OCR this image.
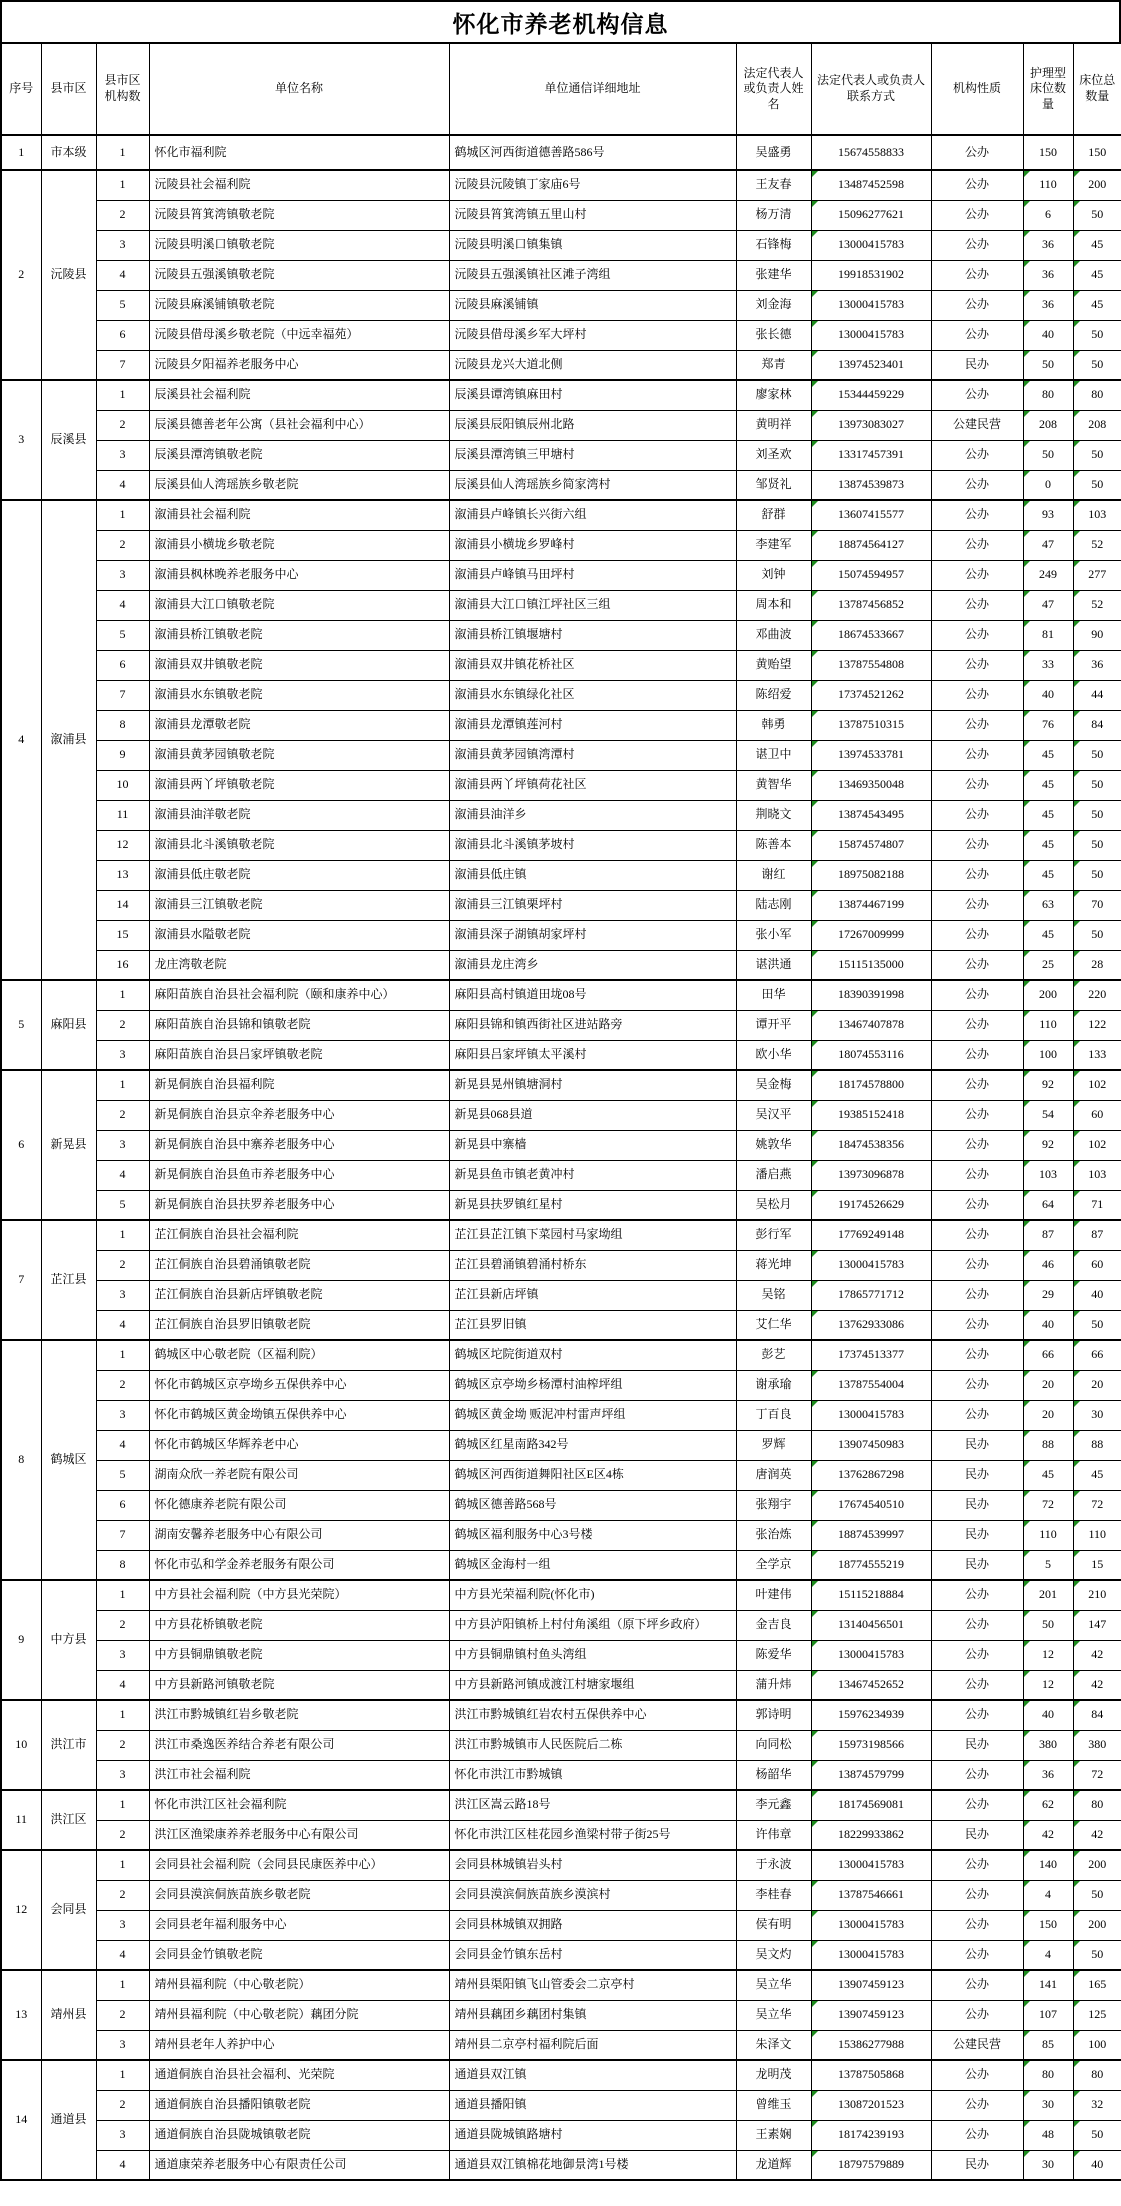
怀化市养老机构信息
序号	县市区	县市区机构数	单位名称	单位通信详细地址	法定代表人或负责人姓名	法定代表人或负责人联系方式	机构性质	护理型床位数量	床位总数量
1	市本级	1	怀化市福利院	鹤城区河西街道德善路586号	吴盛勇	15674558833	公办	150	150
2	沅陵县	1	沅陵县社会福利院	沅陵县沅陵镇丁家庙6号	王友春	13487452598	公办	110	200
		2	沅陵县筲箕湾镇敬老院	沅陵县筲箕湾镇五里山村	杨万清	15096277621	公办	6	50
		3	沅陵县明溪口镇敬老院	沅陵县明溪口镇集镇	石锋梅	13000415783	公办	36	45
		4	沅陵县五强溪镇敬老院	沅陵县五强溪镇社区滩子湾组	张建华	19918531902	公办	36	45
		5	沅陵县麻溪铺镇敬老院	沅陵县麻溪铺镇	刘金海	13000415783	公办	36	45
		6	沅陵县借母溪乡敬老院（中远幸福苑）	沅陵县借母溪乡军大坪村	张长德	13000415783	公办	40	50
		7	沅陵县夕阳福养老服务中心	沅陵县龙兴大道北侧	郑青	13974523401	民办	50	50
3	辰溪县	1	辰溪县社会福利院	辰溪县谭湾镇麻田村	廖家林	15344459229	公办	80	80
		2	辰溪县德善老年公寓（县社会福利中心）	辰溪县辰阳镇辰州北路	黄明祥	13973083027	公建民营	208	208
		3	辰溪县潭湾镇敬老院	辰溪县潭湾镇三甲塘村	刘圣欢	13317457391	公办	50	50
		4	辰溪县仙人湾瑶族乡敬老院	辰溪县仙人湾瑶族乡简家湾村	邹贤礼	13874539873	公办	0	50
4	溆浦县	1	溆浦县社会福利院	溆浦县卢峰镇长兴街六组	舒群	13607415577	公办	93	103
		2	溆浦县小横垅乡敬老院	溆浦县小横垅乡罗峰村	李建军	18874564127	公办	47	52
		3	溆浦县枫林晚养老服务中心	溆浦县卢峰镇马田坪村	刘钟	15074594957	公办	249	277
		4	溆浦县大江口镇敬老院	溆浦县大江口镇江坪社区三组	周本和	13787456852	公办	47	52
		5	溆浦县桥江镇敬老院	溆浦县桥江镇堰塘村	邓曲波	18674533667	公办	81	90
		6	溆浦县双井镇敬老院	溆浦县双井镇花桥社区	黄贻望	13787554808	公办	33	36
		7	溆浦县水东镇敬老院	溆浦县水东镇绿化社区	陈绍爱	17374521262	公办	40	44
		8	溆浦县龙潭敬老院	溆浦县龙潭镇莲河村	韩勇	13787510315	公办	76	84
		9	溆浦县黄茅园镇敬老院	溆浦县黄茅园镇湾潭村	谌卫中	13974533781	公办	45	50
		10	溆浦县两丫坪镇敬老院	溆浦县两丫坪镇荷花社区	黄智华	13469350048	公办	45	50
		11	溆浦县油洋敬老院	溆浦县油洋乡	荆晓文	13874543495	公办	45	50
		12	溆浦县北斗溪镇敬老院	溆浦县北斗溪镇茅坡村	陈善本	15874574807	公办	45	50
		13	溆浦县低庄敬老院	溆浦县低庄镇	谢红	18975082188	公办	45	50
		14	溆浦县三江镇敬老院	溆浦县三江镇栗坪村	陆志刚	13874467199	公办	63	70
		15	溆浦县水隘敬老院	溆浦县深子湖镇胡家坪村	张小军	17267009999	公办	45	50
		16	龙庄湾敬老院	溆浦县龙庄湾乡	谌洪通	15115135000	公办	25	28
5	麻阳县	1	麻阳苗族自治县社会福利院（颐和康养中心）	麻阳县高村镇道田垅08号	田华	18390391998	公办	200	220
		2	麻阳苗族自治县锦和镇敬老院	麻阳县锦和镇西街社区进站路旁	谭开平	13467407878	公办	110	122
		3	麻阳苗族自治县吕家坪镇敬老院	麻阳县吕家坪镇太平溪村	欧小华	18074553116	公办	100	133
6	新晃县	1	新晃侗族自治县福利院	新晃县晃州镇塘洞村	吴金梅	18174578800	公办	92	102
		2	新晃侗族自治县京伞养老服务中心	新晃县068县道	吴汉平	19385152418	公办	54	60
		3	新晃侗族自治县中寨养老服务中心	新晃县中寨樯	姚敦华	18474538356	公办	92	102
		4	新晃侗族自治县鱼市养老服务中心	新晃县鱼市镇老黄冲村	潘启燕	13973096878	公办	103	103
		5	新晃侗族自治县扶罗养老服务中心	新晃县扶罗镇红星村	吴松月	19174526629	公办	64	71
7	芷江县	1	芷江侗族自治县社会福利院	芷江县芷江镇下菜园村马家坳组	彭行军	17769249148	公办	87	87
		2	芷江侗族自治县碧涌镇敬老院	芷江县碧涌镇碧涌村桥东	蒋光坤	13000415783	公办	46	60
		3	芷江侗族自治县新店坪镇敬老院	芷江县新店坪镇	吴铭	17865771712	公办	29	40
		4	芷江侗族自治县罗旧镇敬老院	芷江县罗旧镇	艾仁华	13762933086	公办	40	50
8	鹤城区	1	鹤城区中心敬老院（区福利院）	鹤城区坨院街道双村	彭艺	17374513377	公办	66	66
		2	怀化市鹤城区京亭坳乡五保供养中心	鹤城区京亭坳乡杨潭村油榨坪组	谢承瑜	13787554004	公办	20	20
		3	怀化市鹤城区黄金坳镇五保供养中心	鹤城区黄金坳 贩泥冲村雷声坪组	丁百良	13000415783	公办	20	30
		4	怀化市鹤城区华辉养老中心	鹤城区红星南路342号	罗辉	13907450983	民办	88	88
		5	湖南众欣一养老院有限公司	鹤城区河西街道舞阳社区E区4栋	唐润英	13762867298	民办	45	45
		6	怀化德康养老院有限公司	鹤城区德善路568号	张翔宇	17674540510	民办	72	72
		7	湖南安馨养老服务中心有限公司	鹤城区福利服务中心3号楼	张治炼	18874539997	民办	110	110
		8	怀化市弘和学金养老服务有限公司	鹤城区金海村一组	全学京	18774555219	民办	5	15
9	中方县	1	中方县社会福利院（中方县光荣院）	中方县光荣福利院(怀化市)	叶建伟	15115218884	公办	201	210
		2	中方县花桥镇敬老院	中方县泸阳镇桥上村付角溪组（原下坪乡政府）	金吉良	13140456501	公办	50	147
		3	中方县铜鼎镇敬老院	中方县铜鼎镇村鱼头湾组	陈爱华	13000415783	公办	12	42
		4	中方县新路河镇敬老院	中方县新路河镇成渡江村塘家堰组	蒲升炜	13467452652	公办	12	42
10	洪江市	1	洪江市黔城镇红岩乡敬老院	洪江市黔城镇红岩农村五保供养中心	郭诗明	15976234939	公办	40	84
		2	洪江市桑逸医养结合养老有限公司	洪江市黔城镇市人民医院后二栋	向同松	15973198566	民办	380	380
		3	洪江市社会福利院	怀化市洪江市黔城镇	杨韶华	13874579799	公办	36	72
11	洪江区	1	怀化市洪江区社会福利院	洪江区嵩云路18号	李元鑫	18174569081	公办	62	80
		2	洪江区渔梁康养养老服务中心有限公司	怀化市洪江区桂花园乡渔梁村带子街25号	许伟章	18229933862	民办	42	42
12	会同县	1	会同县社会福利院（会同县民康医养中心）	会同县林城镇岩头村	于永波	13000415783	公办	140	200
		2	会同县漠滨侗族苗族乡敬老院	会同县漠滨侗族苗族乡漠滨村	李桂春	13787546661	公办	4	50
		3	会同县老年福利服务中心	会同县林城镇双拥路	侯有明	13000415783	公办	150	200
		4	会同县金竹镇敬老院	会同县金竹镇东岳村	吴文灼	13000415783	公办	4	50
13	靖州县	1	靖州县福利院（中心敬老院）	靖州县渠阳镇飞山管委会二京亭村	吴立华	13907459123	公办	141	165
		2	靖州县福利院（中心敬老院）藕团分院	靖州县藕团乡藕团村集镇	吴立华	13907459123	公办	107	125
		3	靖州县老年人养护中心	靖州县二京亭村福利院后面	朱泽文	15386277988	公建民营	85	100
14	通道县	1	通道侗族自治县社会福利、光荣院	通道县双江镇	龙明茂	13787505868	公办	80	80
		2	通道侗族自治县播阳镇敬老院	通道县播阳镇	曾维玉	13087201523	公办	30	32
		3	通道侗族自治县陇城镇敬老院	通道县陇城镇路塘村	王素娴	18174239193	公办	48	50
		4	通道康荣养老服务中心有限责任公司	通道县双江镇棉花地御景湾1号楼	龙道辉	18797579889	民办	30	40
